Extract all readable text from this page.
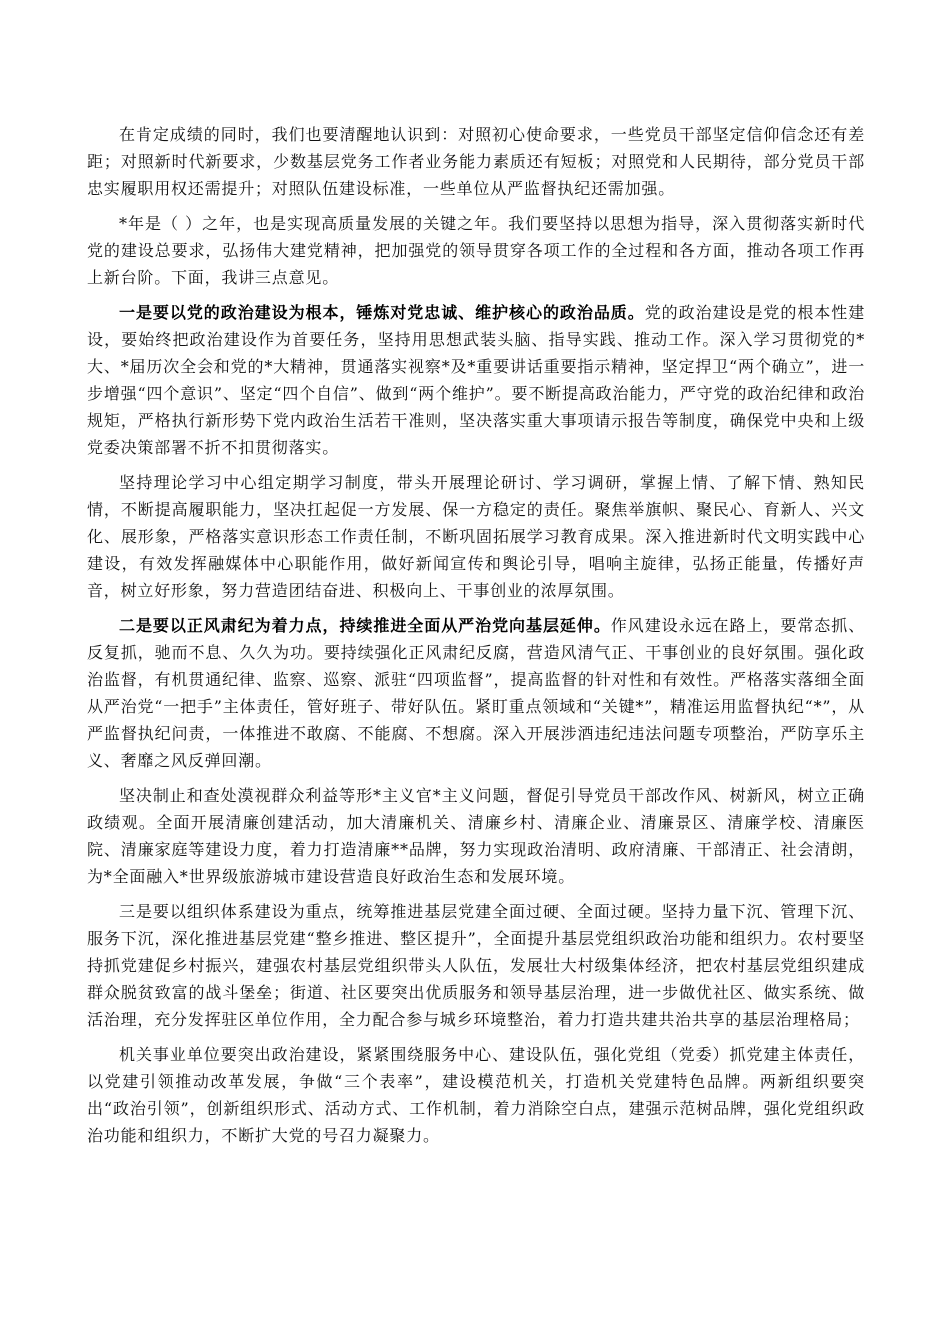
在肯定成绩的同时，我们也要清醒地认识到：对照初心使命要求，一些党员干部坚定信仰信念还有差距；对照新时代新要求，少数基层党务工作者业务能力素质还有短板；对照党和人民期待，部分党员干部忠实履职用权还需提升；对照队伍建设标准，一些单位从严监督执纪还需加强。

*年是（ ）之年，也是实现高质量发展的关键之年。我们要坚持以思想为指导，深入贯彻落实新时代党的建设总要求，弘扬伟大建党精神，把加强党的领导贯穿各项工作的全过程和各方面，推动各项工作再上新台阶。下面，我讲三点意见。

一是要以党的政治建设为根本，锤炼对党忠诚、维护核心的政治品质。党的政治建设是党的根本性建设，要始终把政治建设作为首要任务，坚持用思想武装头脑、指导实践、推动工作。深入学习贯彻党的*大、*届历次全会和党的*大精神，贯通落实视察*及*重要讲话重要指示精神，坚定捍卫“两个确立”，进一步增强“四个意识”、坚定“四个自信”、做到“两个维护”。要不断提高政治能力，严守党的政治纪律和政治规矩，严格执行新形势下党内政治生活若干准则，坚决落实重大事项请示报告等制度，确保党中央和上级党委决策部署不折不扣贯彻落实。

坚持理论学习中心组定期学习制度，带头开展理论研讨、学习调研，掌握上情、了解下情、熟知民情，不断提高履职能力，坚决扛起促一方发展、保一方稳定的责任。聚焦举旗帜、聚民心、育新人、兴文化、展形象，严格落实意识形态工作责任制，不断巩固拓展学习教育成果。深入推进新时代文明实践中心建设，有效发挥融媒体中心职能作用，做好新闻宣传和舆论引导，唱响主旋律，弘扬正能量，传播好声音，树立好形象，努力营造团结奋进、积极向上、干事创业的浓厚氛围。

二是要以正风肃纪为着力点，持续推进全面从严治党向基层延伸。作风建设永远在路上，要常态抓、反复抓，驰而不息、久久为功。要持续强化正风肃纪反腐，营造风清气正、干事创业的良好氛围。强化政治监督，有机贯通纪律、监察、巡察、派驻“四项监督”，提高监督的针对性和有效性。严格落实落细全面从严治党“一把手”主体责任，管好班子、带好队伍。紧盯重点领域和“关键*”，精准运用监督执纪“*”，从严监督执纪问责，一体推进不敢腐、不能腐、不想腐。深入开展涉酒违纪违法问题专项整治，严防享乐主义、奢靡之风反弹回潮。

坚决制止和查处漠视群众利益等形*主义官*主义问题，督促引导党员干部改作风、树新风，树立正确政绩观。全面开展清廉创建活动，加大清廉机关、清廉乡村、清廉企业、清廉景区、清廉学校、清廉医院、清廉家庭等建设力度，着力打造清廉**品牌，努力实现政治清明、政府清廉、干部清正、社会清朗，为*全面融入*世界级旅游城市建设营造良好政治生态和发展环境。

三是要以组织体系建设为重点，统筹推进基层党建全面过硬、全面过硬。坚持力量下沉、管理下沉、服务下沉，深化推进基层党建“整乡推进、整区提升”，全面提升基层党组织政治功能和组织力。农村要坚持抓党建促乡村振兴，建强农村基层党组织带头人队伍，发展壮大村级集体经济，把农村基层党组织建成群众脱贫致富的战斗堡垒；街道、社区要突出优质服务和领导基层治理，进一步做优社区、做实系统、做活治理，充分发挥驻区单位作用，全力配合参与城乡环境整治，着力打造共建共治共享的基层治理格局；

机关事业单位要突出政治建设，紧紧围绕服务中心、建设队伍，强化党组（党委）抓党建主体责任，以党建引领推动改革发展，争做“三个表率”，建设模范机关，打造机关党建特色品牌。两新组织要突出“政治引领”，创新组织形式、活动方式、工作机制，着力消除空白点，建强示范树品牌，强化党组织政治功能和组织力，不断扩大党的号召力凝聚力。
